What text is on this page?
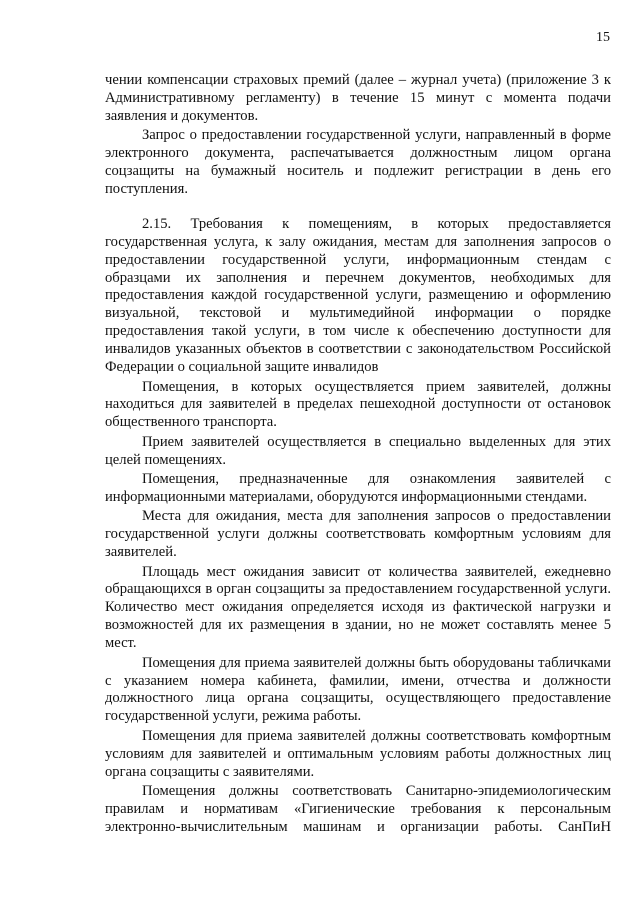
15

чении компенсации страховых премий (далее – журнал учета) (приложение 3 к Административному регламенту) в течение 15 минут с момента подачи заявления и документов.

Запрос о предоставлении государственной услуги, направленный в форме электронного документа, распечатывается должностным лицом органа соцзащиты на бумажный носитель и подлежит регистрации в день его поступления.

2.15. Требования к помещениям, в которых предоставляется государственная услуга, к залу ожидания, местам для заполнения запросов о предоставлении государственной услуги, информационным стендам с образцами их заполнения и перечнем документов, необходимых для предоставления каждой государственной услуги, размещению и оформлению визуальной, текстовой и мультимедийной информации о порядке предоставления такой услуги, в том числе к обеспечению доступности для инвалидов указанных объектов в соответствии с законодательством Российской Федерации о социальной защите инвалидов

Помещения, в которых осуществляется прием заявителей, должны находиться для заявителей в пределах пешеходной доступности от остановок общественного транспорта.

Прием заявителей осуществляется в специально выделенных для этих целей помещениях.

Помещения, предназначенные для ознакомления заявителей с информационными материалами, оборудуются информационными стендами.

Места для ожидания, места для заполнения запросов о предоставлении государственной услуги должны соответствовать комфортным условиям для заявителей.

Площадь мест ожидания зависит от количества заявителей, ежедневно обращающихся в орган соцзащиты за предоставлением государственной услуги. Количество мест ожидания определяется исходя из фактической нагрузки и возможностей для их размещения в здании, но не может составлять менее 5 мест.

Помещения для приема заявителей должны быть оборудованы табличками с указанием номера кабинета, фамилии, имени, отчества и должности должностного лица органа соцзащиты, осуществляющего предоставление государственной услуги, режима работы.

Помещения для приема заявителей должны соответствовать комфортным условиям для заявителей и оптимальным условиям работы должностных лиц органа соцзащиты с заявителями.

Помещения должны соответствовать Санитарно-эпидемиологическим правилам и нормативам «Гигиенические требования к персональным электронно-вычислительным машинам и организации работы. СанПиН
